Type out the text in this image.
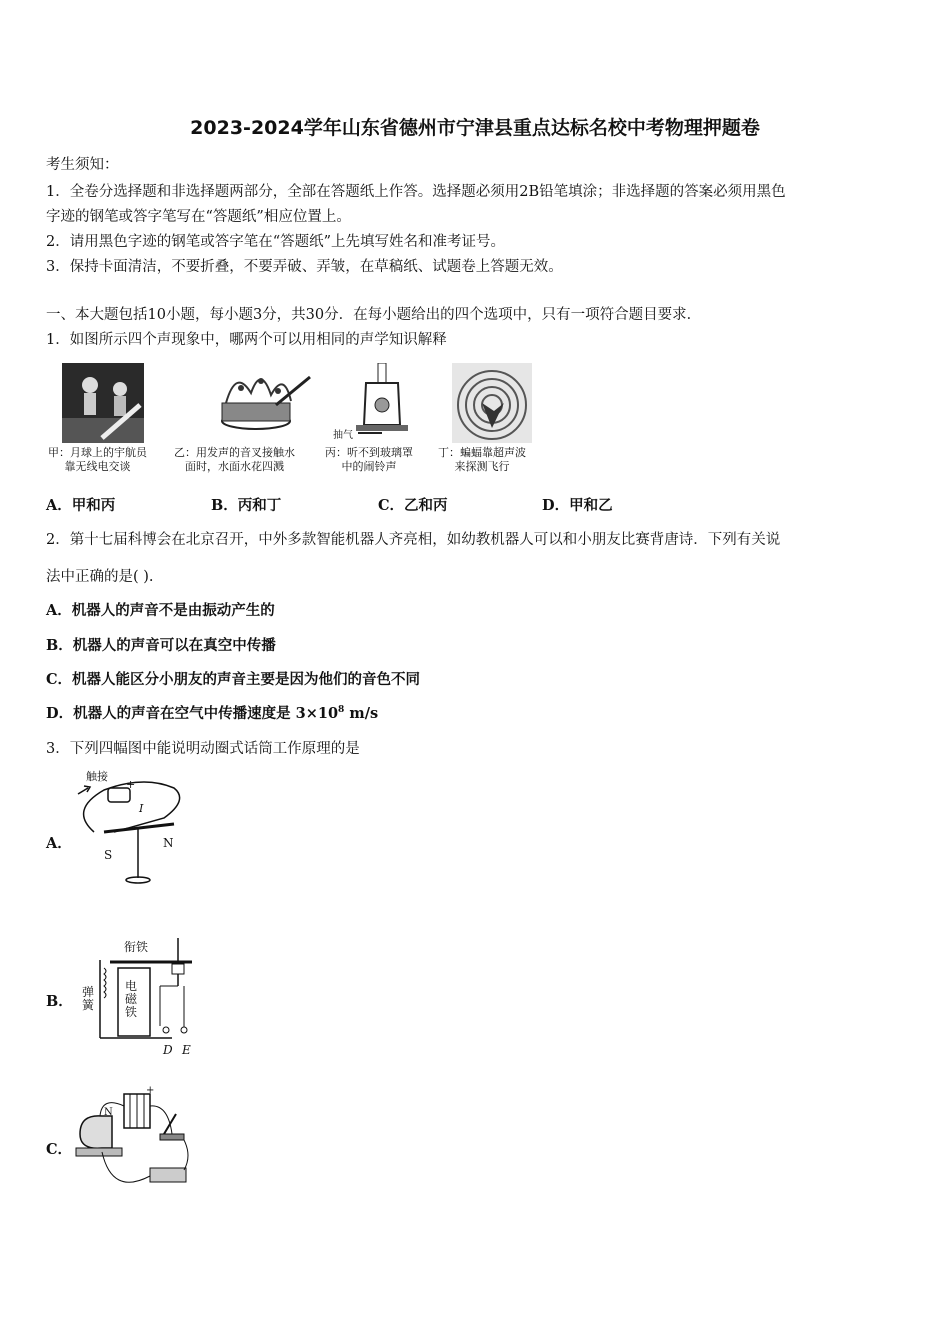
2023-2024学年山东省德州市宁津县重点达标名校中考物理押题卷
考生须知：
1．全卷分选择题和非选择题两部分，全部在答题纸上作答。选择题必须用2B铅笔填涂；非选择题的答案必须用黑色
字迹的钢笔或答字笔写在“答题纸”相应位置上。
2．请用黑色字迹的钢笔或答字笔在“答题纸”上先填写姓名和准考证号。
3．保持卡面清洁，不要折叠，不要弄破、弄皱，在草稿纸、试题卷上答题无效。
一、本大题包括10小题，每小题3分，共30分．在每小题给出的四个选项中，只有一项符合题目要求．
1．如图所示四个声现象中，哪两个可以用相同的声学知识解释
抽气
甲：月球上的宇航员
靠无线电交谈
乙：用发声的音叉接触水
面时，水面水花四溅
丙：听不到玻璃罩
中的闹铃声
丁：蝙蝠靠超声波
来探测飞行
A．甲和丙	B．丙和丁	C．乙和丙	D．甲和乙
2．第十七届科博会在北京召开，中外多款智能机器人齐亮相，如幼教机器人可以和小朋友比赛背唐诗．下列有关说
法中正确的是( ).
A．机器人的声音不是由振动产生的
B．机器人的声音可以在真空中传播
C．机器人能区分小朋友的声音主要是因为他们的音色不同
D．机器人的声音在空气中传播速度是 $3\times 10^8$ m/s
3．下列四幅图中能说明动圈式话筒工作原理的是
A．
触接
+
I
S
N
B．
衔铁
弹
簧
电
磁
铁
D E
C．
N
+
